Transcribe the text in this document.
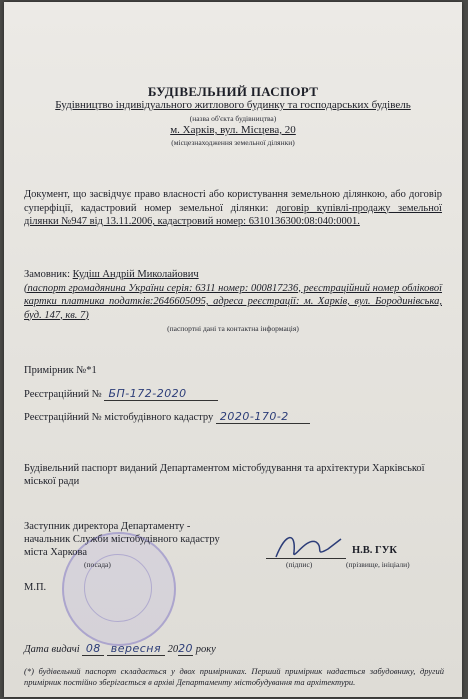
БУДІВЕЛЬНИЙ ПАСПОРТ
Будівництво індивідуального житлового будинку та господарських будівель
(назва об'єкта будівництва)
м. Харків, вул. Місцева, 20
(місцезнаходження земельної ділянки)
Документ, що засвідчує право власності або користування земельною ділянкою, або договір суперфіції, кадастровий номер земельної ділянки: договір купівлі-продажу земельної ділянки №947 від 13.11.2006, кадастровий номер: 6310136300:08:040:0001.
Замовник: Кудіш Андрій Миколайович
(паспорт громадянина України серія: 6311 номер: 000817236, реєстраційний номер облікової картки платника податків:2646605095, адреса реєстрації: м. Харків, вул. Бородинівська, буд. 147, кв. 7)
(паспортні дані та контактна інформація)
Примірник №*1
Реєстраційний № БП-172-2020
Реєстраційний № містобудівного кадастру 2020-170-2
Будівельний паспорт виданий Департаментом містобудування та архітектури Харківської міської ради
Заступник директора Департаменту -
начальник Служби містобудівного кадастру
міста Харкова
(посада)	(підпис)
Н.В. ГУК
(прізвище, ініціали)
М.П.
Дата видачі 08 вересня 2020 року
(*) будівельний паспорт складається у двох примірниках. Перший примірник надається забудовнику, другий примірник постійно зберігається в архіві Департаменту містобудування та архітектури.
